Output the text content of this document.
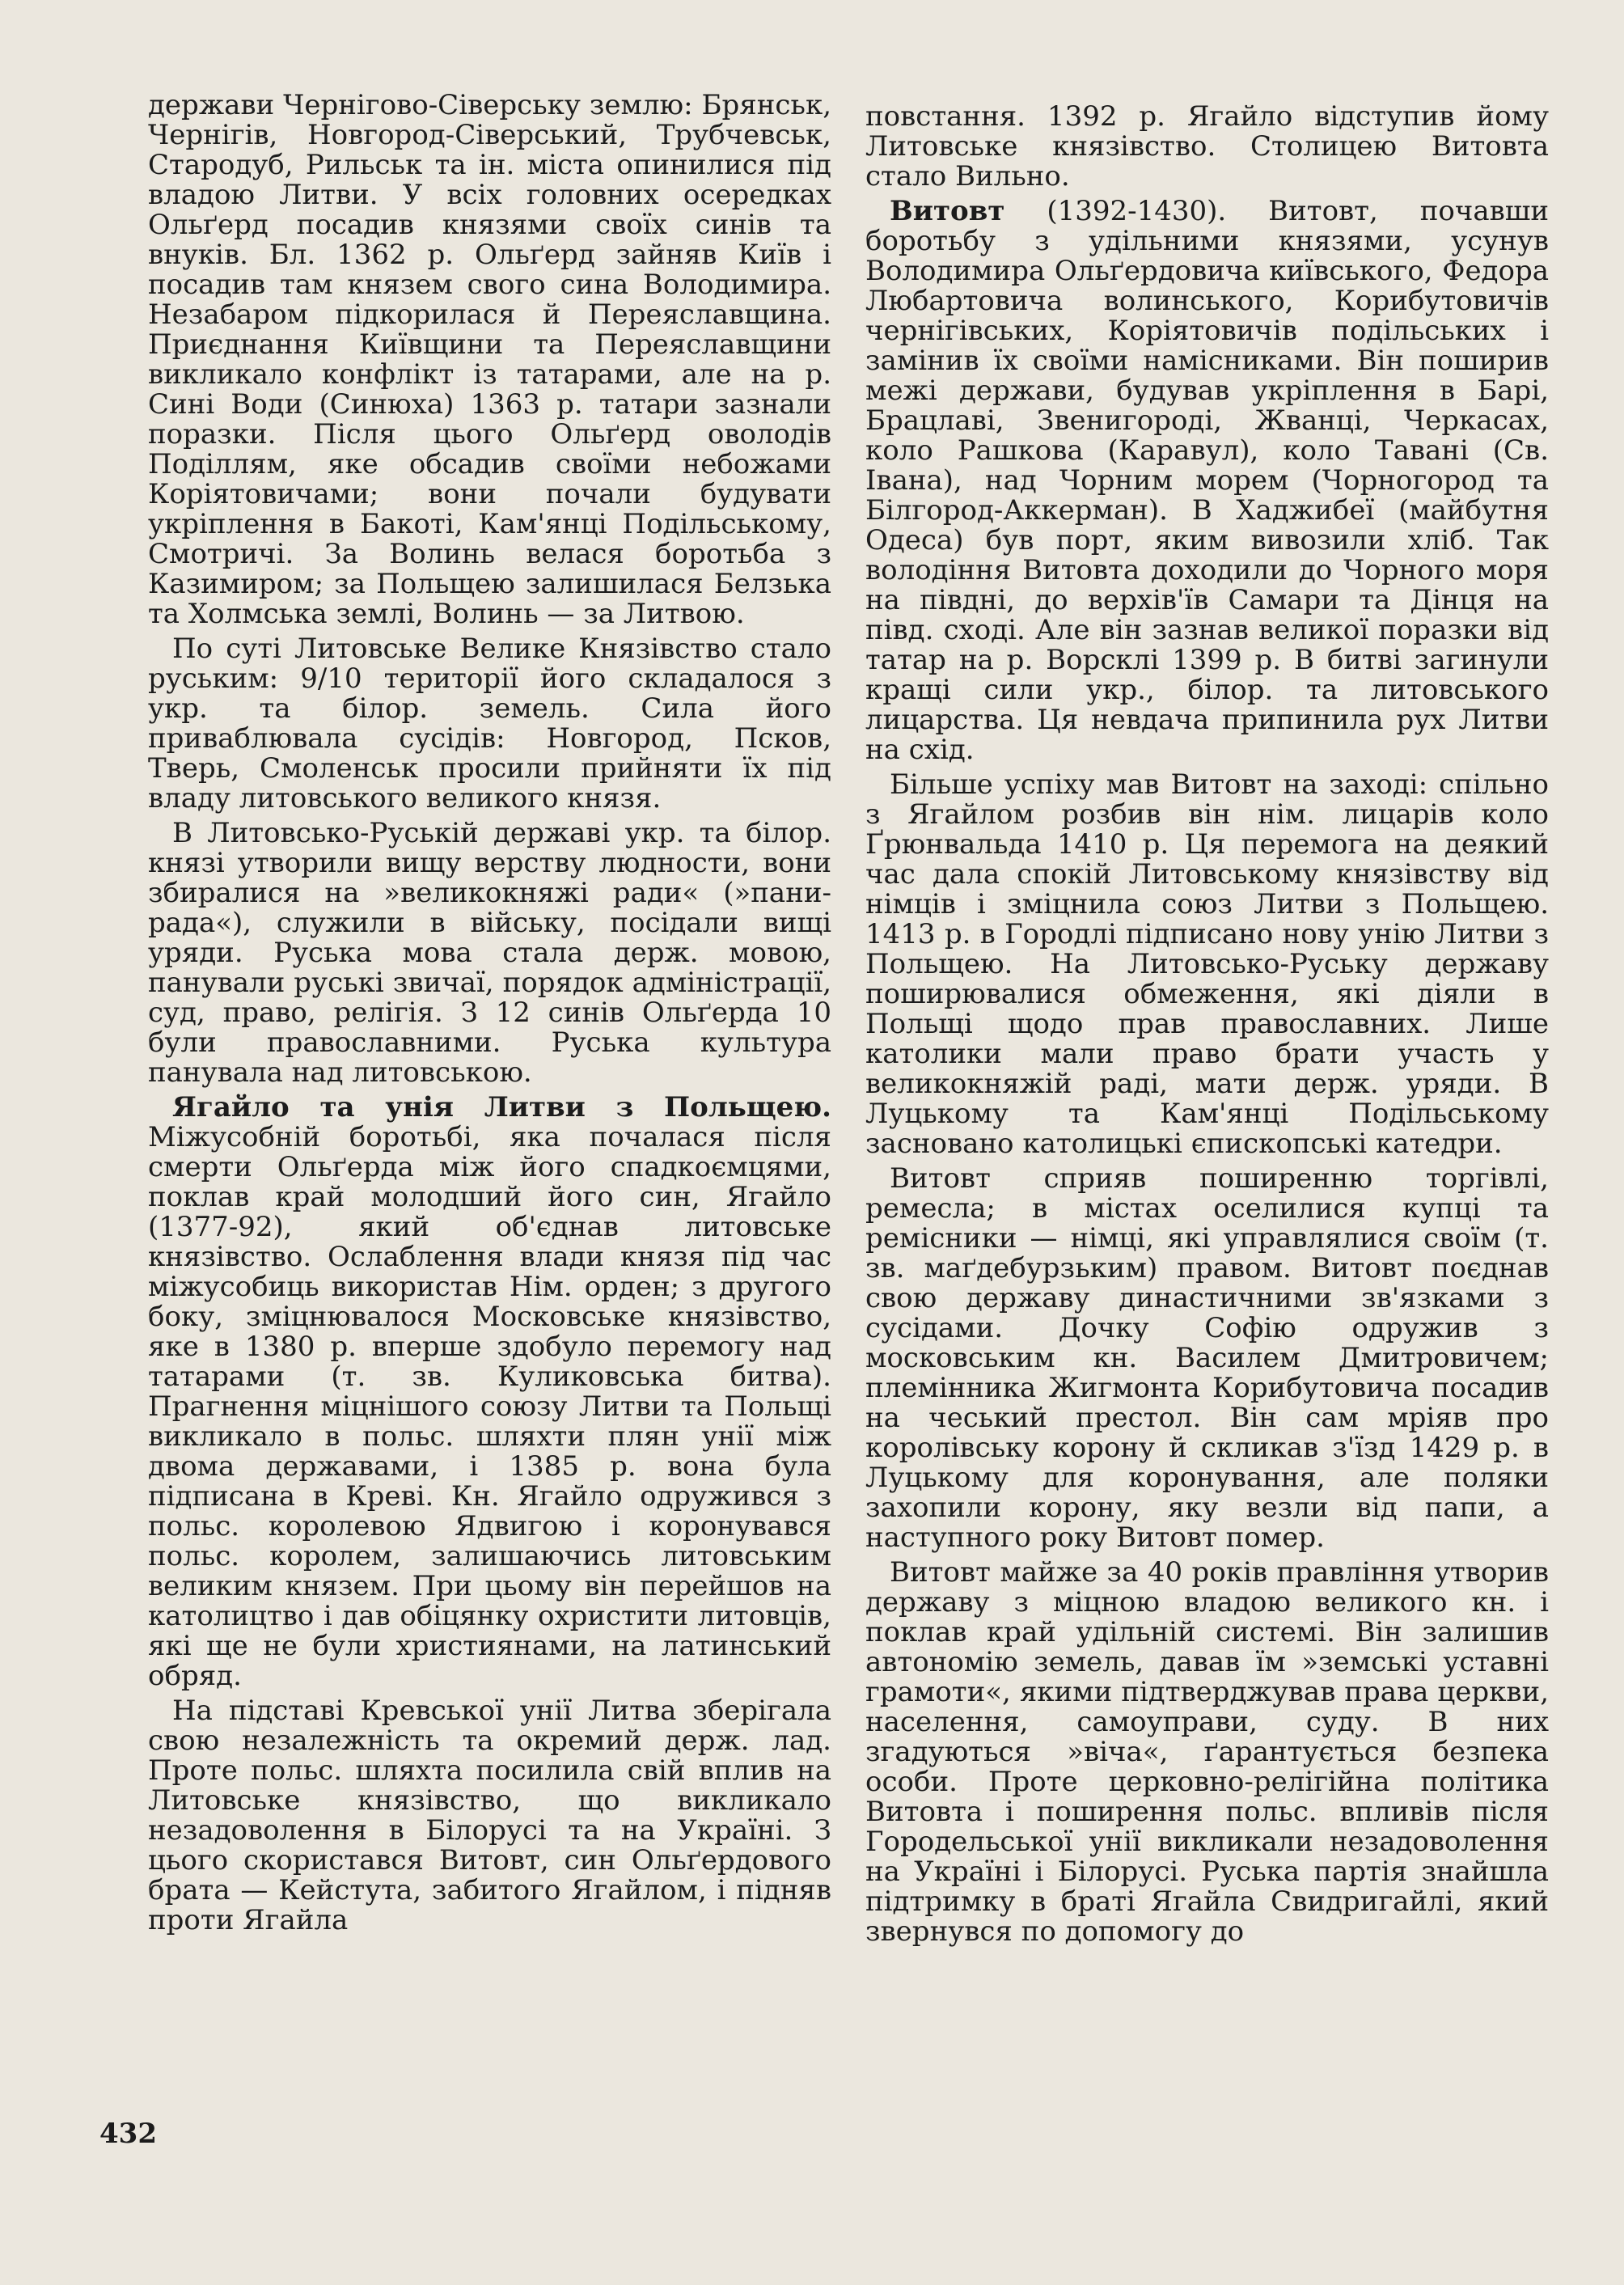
держави Чернігово-Сіверську землю: Брянськ, Чернігів, Новгород-Сіверський, Трубчевськ, Стародуб, Рильськ та ін. міста опинилися під владою Литви. У всіх головних осередках Ольґерд посадив князями своїх синів та внуків. Бл. 1362 р. Ольґерд зайняв Київ і посадив там князем свого сина Володимира. Незабаром підкорилася й Переяславщина. Приєднання Київщини та Переяславщини викликало конфлікт із татарами, але на р. Сині Води (Синюха) 1363 р. татари зазнали поразки. Після цього Ольґерд оволодів Поділлям, яке обсадив своїми небожами Коріятовичами; вони почали будувати укріплення в Бакоті, Кам'янці Подільському, Смотричі. За Волинь велася боротьба з Казимиром; за Польщею залишилася Белзька та Холмська землі, Волинь — за Литвою.

По суті Литовське Велике Князівство стало руським: 9/10 території його складалося з укр. та білор. земель. Сила його приваблювала сусідів: Новгород, Псков, Тверь, Смоленськ просили прийняти їх під владу литовського великого князя.

В Литовсько-Руській державі укр. та білор. князі утворили вищу верству людности, вони збиралися на »великокняжі ради« (»пани-рада«), служили в війську, посідали вищі уряди. Руська мова стала держ. мовою, панували руські звичаї, порядок адміністрації, суд, право, релігія. З 12 синів Ольґерда 10 були православними. Руська культура панувала над литовською.

Ягайло та унія Литви з Польщею. Міжусобній боротьбі, яка почалася після смерти Ольґерда між його спадкоємцями, поклав край молодший його син, Ягайло (1377-92), який об'єднав литовське князівство. Ослаблення влади князя під час міжусобиць використав Нім. орден; з другого боку, зміцнювалося Московське князівство, яке в 1380 р. вперше здобуло перемогу над татарами (т. зв. Куликовська битва). Прагнення міцнішого союзу Литви та Польщі викликало в польс. шляхти плян унії між двома державами, і 1385 р. вона була підписана в Креві. Кн. Ягайло одружився з польс. королевою Ядвигою і коронувався польс. королем, залишаючись литовським великим князем. При цьому він перейшов на католицтво і дав обіцянку охристити литовців, які ще не були християнами, на латинський обряд.

На підставі Кревської унії Литва зберігала свою незалежність та окремий держ. лад. Проте польс. шляхта посилила свій вплив на Литовське князівство, що викликало незадоволення в Білорусі та на Україні. З цього скористався Витовт, син Ольґердового брата — Кейстута, забитого Ягайлом, і підняв проти Ягайла

повстання. 1392 р. Ягайло відступив йому Литовське князівство. Столицею Витовта стало Вильно.

Витовт (1392-1430). Витовт, почавши боротьбу з удільними князями, усунув Володимира Ольґердовича київського, Федора Любартовича волинського, Корибутовичів чернігівських, Коріятовичів подільських і замінив їх своїми намісниками. Він поширив межі держави, будував укріплення в Барі, Брацлаві, Звенигороді, Жванці, Черкасах, коло Рашкова (Каравул), коло Тавані (Св. Івана), над Чорним морем (Чорногород та Білгород-Аккерман). В Хаджибеї (майбутня Одеса) був порт, яким вивозили хліб. Так володіння Витовта доходили до Чорного моря на півдні, до верхів'їв Самари та Дінця на півд. сході. Але він зазнав великої поразки від татар на р. Ворсклі 1399 р. В битві загинули кращі сили укр., білор. та литовського лицарства. Ця невдача припинила рух Литви на схід.

Більше успіху мав Витовт на заході: спільно з Ягайлом розбив він нім. лицарів коло Ґрюнвальда 1410 р. Ця перемога на деякий час дала спокій Литовському князівству від німців і зміцнила союз Литви з Польщею. 1413 р. в Городлі підписано нову унію Литви з Польщею. На Литовсько-Руську державу поширювалися обмеження, які діяли в Польщі щодо прав православних. Лише католики мали право брати участь у великокняжій раді, мати держ. уряди. В Луцькому та Кам'янці Подільському засновано католицькі єпископські катедри.

Витовт сприяв поширенню торгівлі, ремесла; в містах оселилися купці та ремісники — німці, які управлялися своїм (т. зв. маґдебурзьким) правом. Витовт поєднав свою державу династичними зв'язками з сусідами. Дочку Софію одружив з московським кн. Василем Дмитровичем; племінника Жигмонта Корибутовича посадив на чеський престол. Він сам мріяв про королівську корону й скликав з'їзд 1429 р. в Луцькому для коронування, але поляки захопили корону, яку везли від папи, а наступного року Витовт помер.

Витовт майже за 40 років правління утворив державу з міцною владою великого кн. і поклав край удільній системі. Він залишив автономію земель, давав їм »земські уставні грамоти«, якими підтверджував права церкви, населення, самоуправи, суду. В них згадуються »віча«, ґарантується безпека особи. Проте церковно-релігійна політика Витовта і поширення польс. впливів після Городельської унії викликали незадоволення на Україні і Білорусі. Руська партія знайшла підтримку в браті Ягайла Свидригайлі, який звернувся по допомогу до

432
